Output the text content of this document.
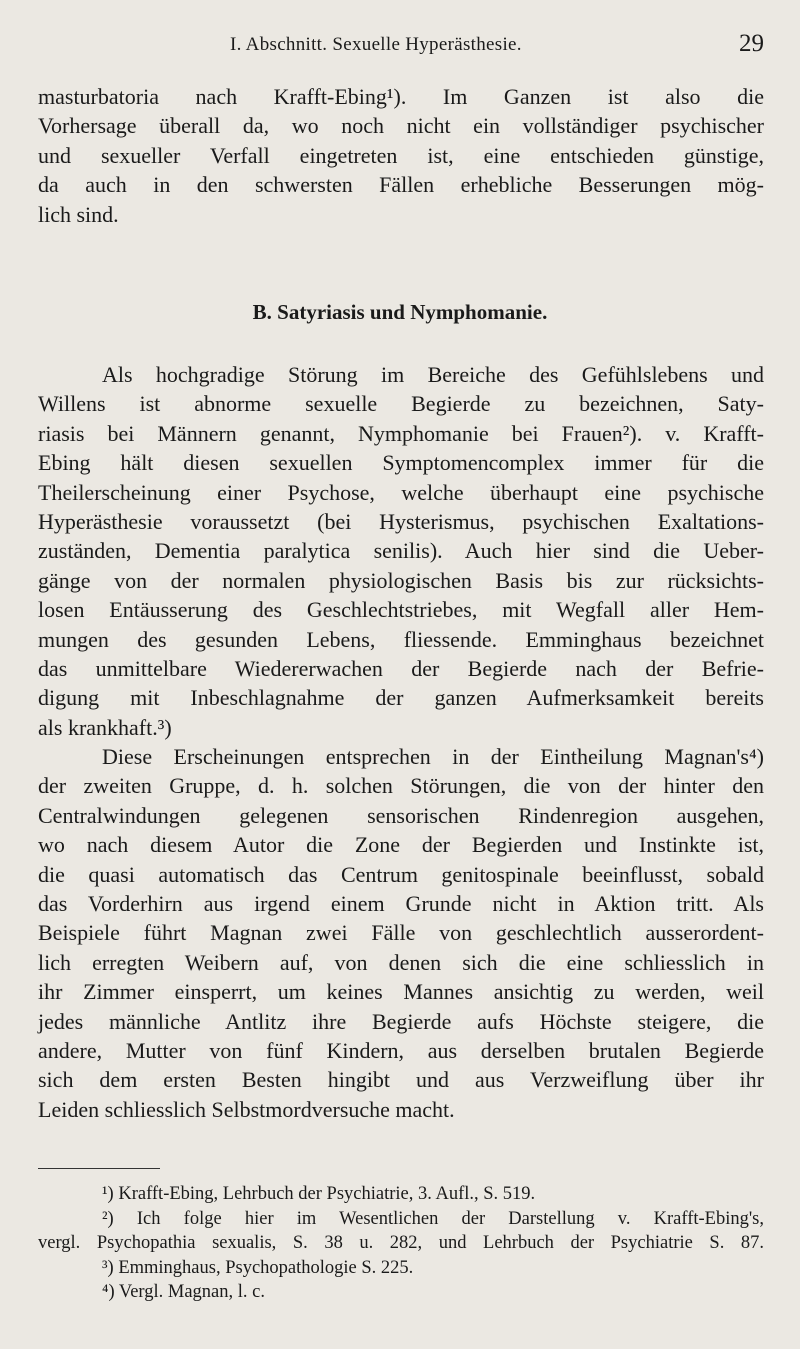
I. Abschnitt. Sexuelle Hyperästhesie.	29
masturbatoria nach Krafft-Ebing¹). Im Ganzen ist also die
Vorhersage überall da, wo noch nicht ein vollständiger psychischer
und sexueller Verfall eingetreten ist, eine entschieden günstige,
da auch in den schwersten Fällen erhebliche Besserungen mög-
lich sind.
B. Satyriasis und Nymphomanie.
Als hochgradige Störung im Bereiche des Gefühlslebens und
Willens ist abnorme sexuelle Begierde zu bezeichnen, Saty-
riasis bei Männern genannt, Nymphomanie bei Frauen²). v. Krafft-
Ebing hält diesen sexuellen Symptomencomplex immer für die
Theilerscheinung einer Psychose, welche überhaupt eine psychische
Hyperästhesie voraussetzt (bei Hysterismus, psychischen Exaltations-
zuständen, Dementia paralytica senilis). Auch hier sind die Ueber-
gänge von der normalen physiologischen Basis bis zur rücksichts-
losen Entäusserung des Geschlechtstriebes, mit Wegfall aller Hem-
mungen des gesunden Lebens, fliessende. Emminghaus bezeichnet
das unmittelbare Wiedererwachen der Begierde nach der Befrie-
digung mit Inbeschlagnahme der ganzen Aufmerksamkeit bereits
als krankhaft.³)
Diese Erscheinungen entsprechen in der Eintheilung Magnan's⁴)
der zweiten Gruppe, d. h. solchen Störungen, die von der hinter den
Centralwindungen gelegenen sensorischen Rindenregion ausgehen,
wo nach diesem Autor die Zone der Begierden und Instinkte ist,
die quasi automatisch das Centrum genitospinale beeinflusst, sobald
das Vorderhirn aus irgend einem Grunde nicht in Aktion tritt. Als
Beispiele führt Magnan zwei Fälle von geschlechtlich ausserordent-
lich erregten Weibern auf, von denen sich die eine schliesslich in
ihr Zimmer einsperrt, um keines Mannes ansichtig zu werden, weil
jedes männliche Antlitz ihre Begierde aufs Höchste steigere, die
andere, Mutter von fünf Kindern, aus derselben brutalen Begierde
sich dem ersten Besten hingibt und aus Verzweiflung über ihr
Leiden schliesslich Selbstmordversuche macht.
¹) Krafft-Ebing, Lehrbuch der Psychiatrie, 3. Aufl., S. 519.
²) Ich folge hier im Wesentlichen der Darstellung v. Krafft-Ebing's,
vergl. Psychopathia sexualis, S. 38 u. 282, und Lehrbuch der Psychiatrie S. 87.
³) Emminghaus, Psychopathologie S. 225.
⁴) Vergl. Magnan, l. c.
